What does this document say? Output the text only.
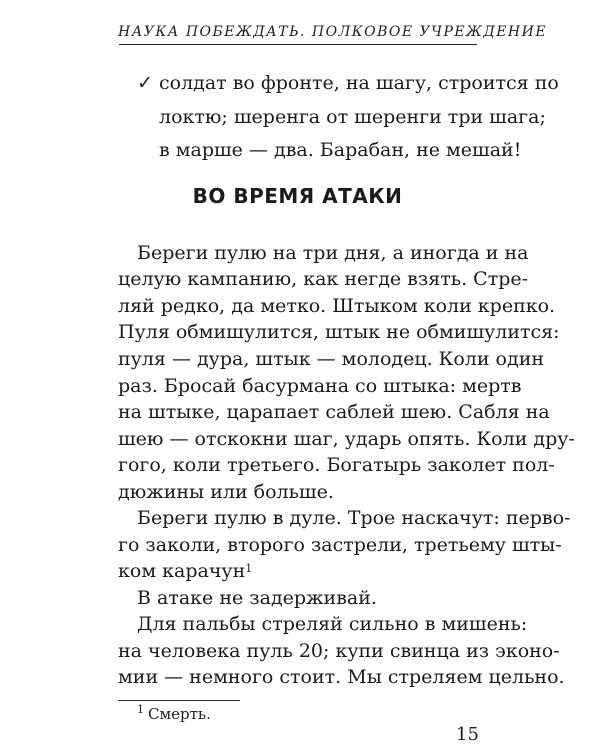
НАУКА ПОБЕЖДАТЬ. ПОЛКОВОЕ УЧРЕЖДЕНИЕ
✓ солдат во фронте, на шагу, строится по
локтю; шеренга от шеренги три шага;
в марше — два. Барабан, не мешай!
ВО ВРЕМЯ АТАКИ
Береги пулю на три дня, а иногда и на
целую кампанию, как негде взять. Стре-
ляй редко, да метко. Штыком коли крепко.
Пуля обмишулится, штык не обмишулится:
пуля — дура, штык — молодец. Коли один
раз. Бросай басурмана со штыка: мертв
на штыке, царапает саблей шею. Сабля на
шею — отскокни шаг, ударь опять. Коли дру-
гого, коли третьего. Богатырь заколет пол-
дюжины или больше.
Береги пулю в дуле. Трое наскачут: перво-
го заколи, второго застрели, третьему шты-
ком карачун$^1$
В атаке не задерживай.
Для пальбы стреляй сильно в мишень:
на человека пуль 20; купи свинца из эконо-
мии — немного стоит. Мы стреляем цельно.
1 Смерть.
15
